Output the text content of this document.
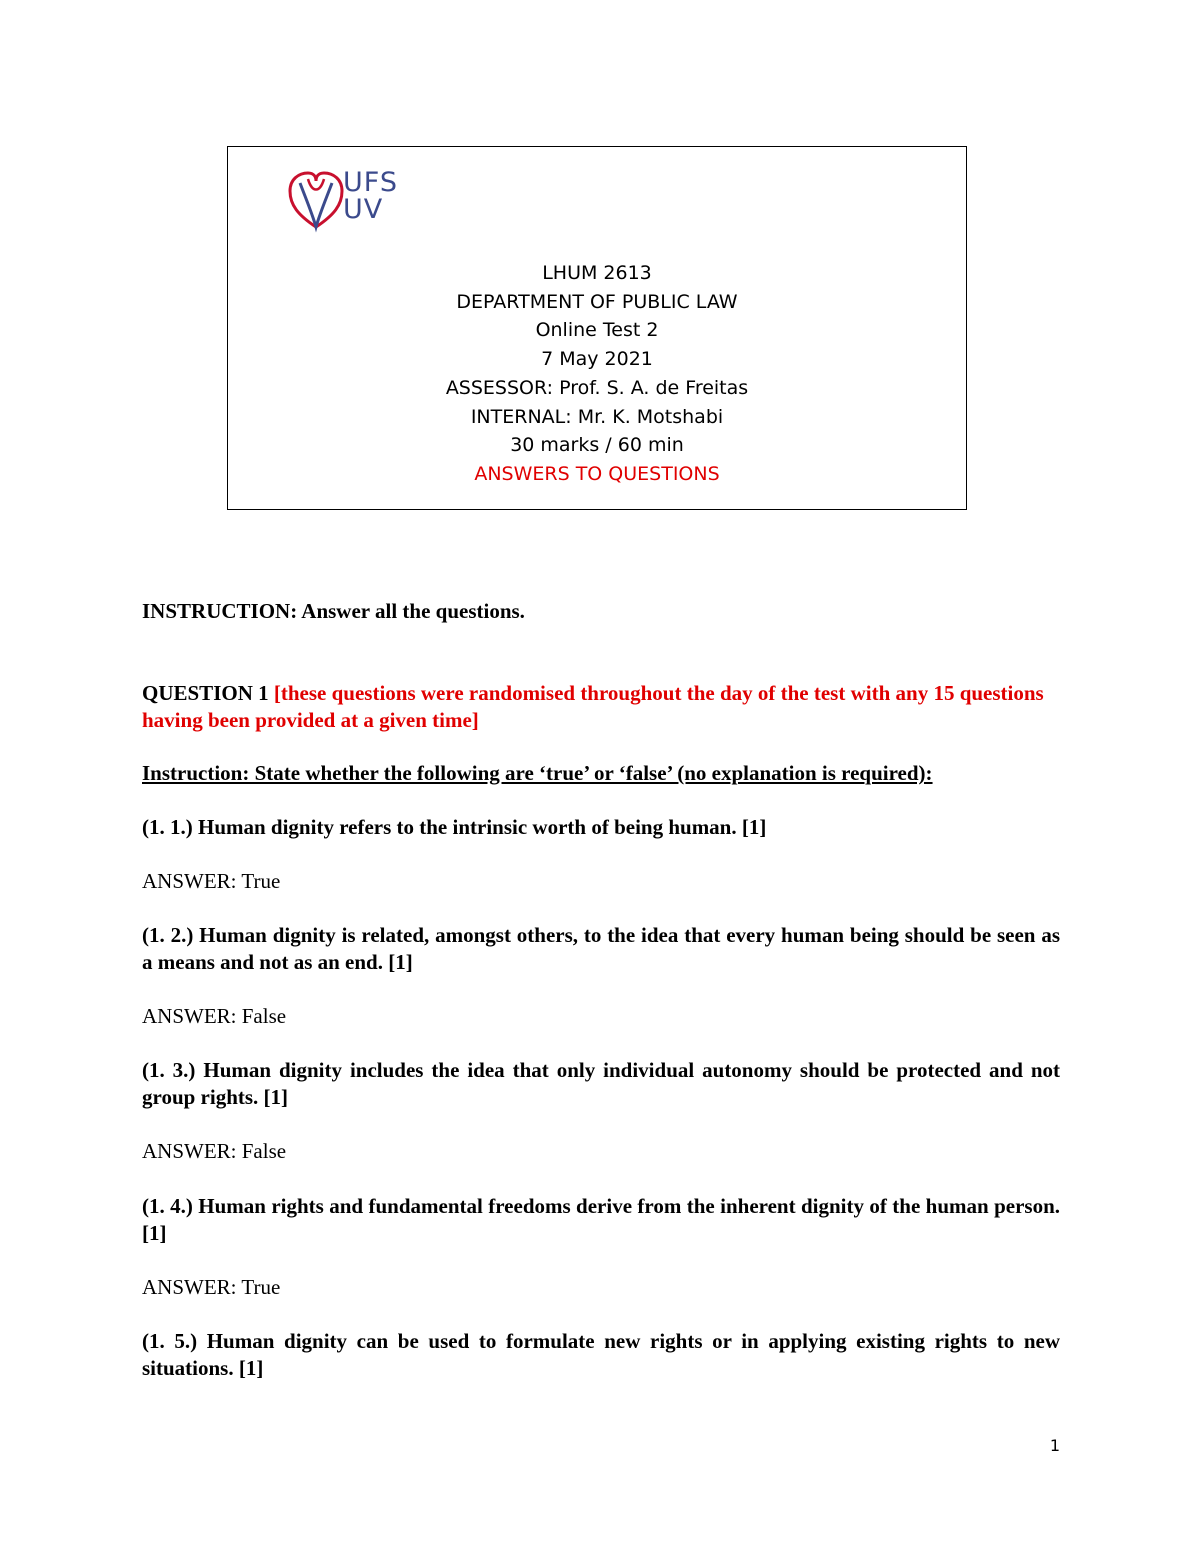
UFS
UV
LHUM 2613
DEPARTMENT OF PUBLIC LAW
Online Test 2
7 May 2021
ASSESSOR: Prof. S. A. de Freitas
INTERNAL: Mr. K. Motshabi
30 marks / 60 min
ANSWERS TO QUESTIONS
INSTRUCTION: Answer all the questions.
QUESTION 1 [these questions were randomised throughout the day of the test with any 15 questions having been provided at a given time]
Instruction: State whether the following are ‘true’ or ‘false’ (no explanation is required):
(1. 1.) Human dignity refers to the intrinsic worth of being human. [1]
ANSWER: True
(1. 2.) Human dignity is related, amongst others, to the idea that every human being should be seen as a means and not as an end. [1]
ANSWER: False
(1. 3.) Human dignity includes the idea that only individual autonomy should be protected and not group rights. [1]
ANSWER: False
(1. 4.) Human rights and fundamental freedoms derive from the inherent dignity of the human person. [1]
ANSWER: True
(1. 5.) Human dignity can be used to formulate new rights or in applying existing rights to new situations. [1]
1
